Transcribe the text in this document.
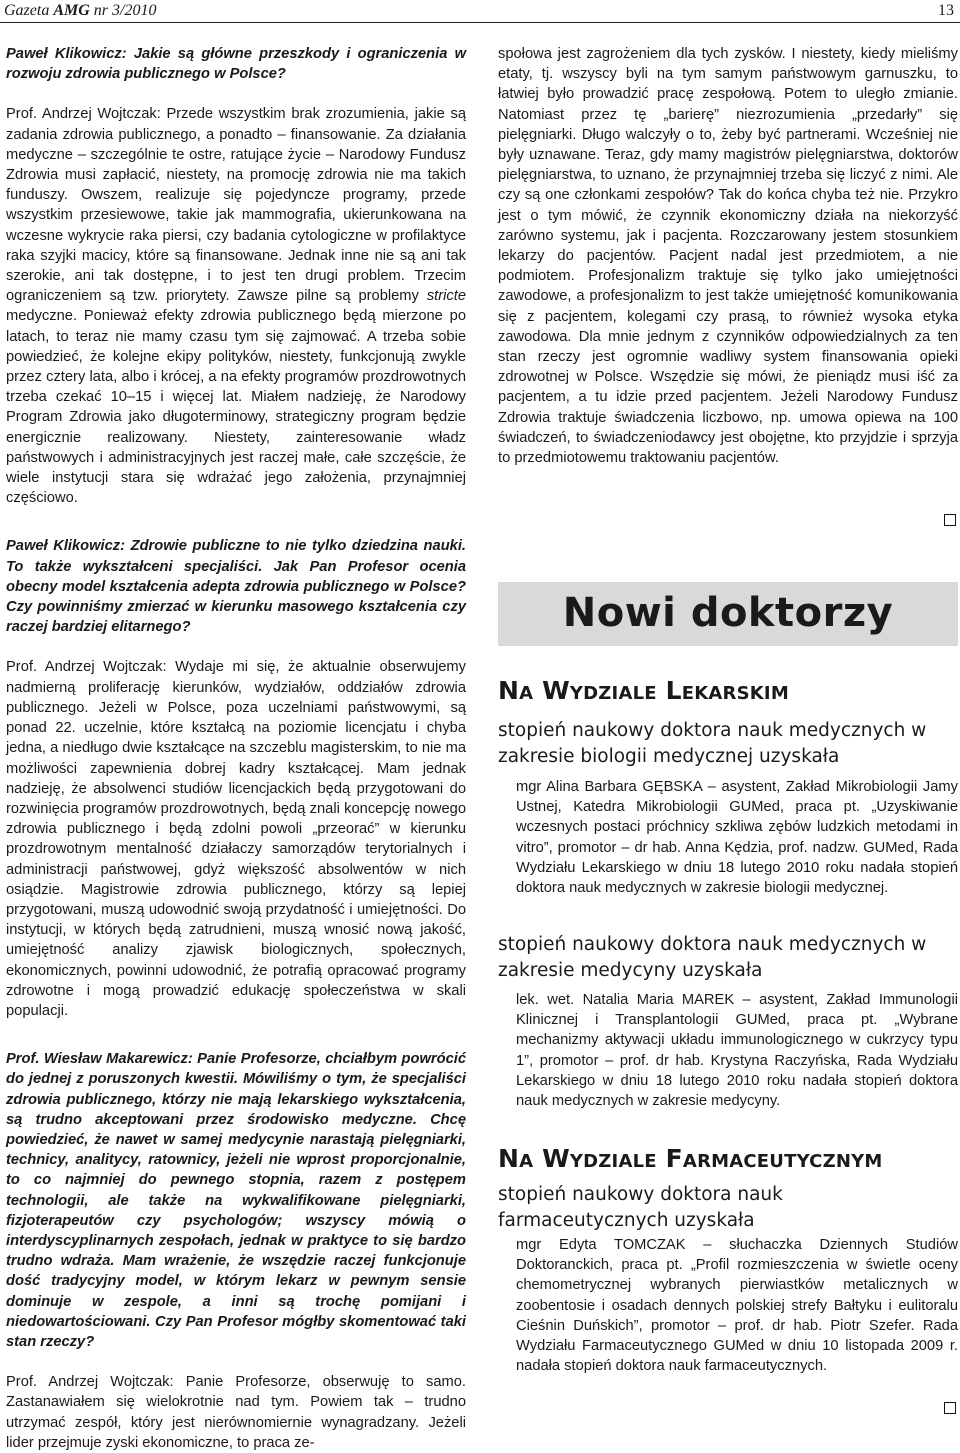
Gazeta AMG nr 3/2010	13

Paweł Klikowicz: Jakie są główne przeszkody i ograniczenia w rozwoju zdrowia publicznego w Polsce?

Prof. Andrzej Wojtczak: Przede wszystkim brak zrozumienia, jakie są zadania zdrowia publicznego, a ponadto – finansowanie. Za działania medyczne – szczególnie te ostre, ratujące życie – Narodowy Fundusz Zdrowia musi zapłacić, niestety, na promocję zdrowia nie ma takich funduszy. Owszem, realizuje się pojedyncze programy, przede wszystkim przesiewowe, takie jak mammografia, ukierunkowana na wczesne wykrycie raka piersi, czy badania cytologiczne w profilaktyce raka szyjki macicy, które są finansowane. Jednak inne nie są ani tak szerokie, ani tak dostępne, i to jest ten drugi problem. Trzecim ograniczeniem są tzw. priorytety. Zawsze pilne są problemy stricte medyczne. Ponieważ efekty zdrowia publicznego będą mierzone po latach, to teraz nie mamy czasu tym się zajmować. A trzeba sobie powiedzieć, że kolejne ekipy polityków, niestety, funkcjonują zwykle przez cztery lata, albo i krócej, a na efekty programów prozdrowotnych trzeba czekać 10–15 i więcej lat. Miałem nadzieję, że Narodowy Program Zdrowia jako długoterminowy, strategiczny program będzie energicznie realizowany. Niestety, zainteresowanie władz państwowych i administracyjnych jest raczej małe, całe szczęście, że wiele instytucji stara się wdrażać jego założenia, przynajmniej częściowo.

Paweł Klikowicz: Zdrowie publiczne to nie tylko dziedzina nauki. To także wykształceni specjaliści. Jak Pan Profesor ocenia obecny model kształcenia adepta zdrowia publicznego w Polsce? Czy powinniśmy zmierzać w kierunku masowego kształcenia czy raczej bardziej elitarnego?

Prof. Andrzej Wojtczak: Wydaje mi się, że aktualnie obserwujemy nadmierną proliferację kierunków, wydziałów, oddziałów zdrowia publicznego. Jeżeli w Polsce, poza uczelniami państwowymi, są ponad 22. uczelnie, które kształcą na poziomie licencjatu i chyba jedna, a niedługo dwie kształcące na szczeblu magisterskim, to nie ma możliwości zapewnienia dobrej kadry kształcącej. Mam jednak nadzieję, że absolwenci studiów licencjackich będą przygotowani do rozwinięcia programów prozdrowotnych, będą znali koncepcję nowego zdrowia publicznego i będą zdolni powoli „przeorać” w kierunku prozdrowotnym mentalność działaczy samorządów terytorialnych i administracji państwowej, gdyż większość absolwentów w nich osiądzie. Magistrowie zdrowia publicznego, którzy są lepiej przygotowani, muszą udowodnić swoją przydatność i umiejętności. Do instytucji, w których będą zatrudnieni, muszą wnosić nową jakość, umiejętność analizy zjawisk biologicznych, społecznych, ekonomicznych, powinni udowodnić, że potrafią opracować programy zdrowotne i mogą prowadzić edukację społeczeństwa w skali populacji.

Prof. Wiesław Makarewicz: Panie Profesorze, chciałbym powrócić do jednej z poruszonych kwestii. Mówiliśmy o tym, że specjaliści zdrowia publicznego, którzy nie mają lekarskiego wykształcenia, są trudno akceptowani przez środowisko medyczne. Chcę powiedzieć, że nawet w samej medycynie narastają pielęgniarki, technicy, analitycy, ratownicy, jeżeli nie wprost proporcjonalnie, to co najmniej do pewnego stopnia, razem z postępem technologii, ale także na wykwalifikowane pielęgniarki, fizjoterapeutów czy psychologów; wszyscy mówią o interdyscyplinarnych zespołach, jednak w praktyce to się bardzo trudno wdraża. Mam wrażenie, że wszędzie raczej funkcjonuje dość tradycyjny model, w którym lekarz w pewnym sensie dominuje w zespole, a inni są trochę pomijani i niedowartościowani. Czy Pan Profesor mógłby skomentować taki stan rzeczy?

Prof. Andrzej Wojtczak: Panie Profesorze, obserwuję to samo. Zastanawiałem się wielokrotnie nad tym. Powiem tak – trudno utrzymać zespół, który jest nierównomiernie wynagradzany. Jeżeli lider przejmuje zyski ekonomiczne, to praca ze-

społowa jest zagrożeniem dla tych zysków. I niestety, kiedy mieliśmy etaty, tj. wszyscy byli na tym samym państwowym garnuszku, to łatwiej było prowadzić pracę zespołową. Potem to uległo zmianie. Natomiast przez tę „barierę” niezrozumienia „przedarły” się pielęgniarki. Długo walczyły o to, żeby być partnerami. Wcześniej nie były uznawane. Teraz, gdy mamy magistrów pielęgniarstwa, doktorów pielęgniarstwa, to uznano, że przynajmniej trzeba się liczyć z nimi. Ale czy są one członkami zespołów? Tak do końca chyba też nie. Przykro jest o tym mówić, że czynnik ekonomiczny działa na niekorzyść zarówno systemu, jak i pacjenta. Rozczarowany jestem stosunkiem lekarzy do pacjentów. Pacjent nadal jest przedmiotem, a nie podmiotem. Profesjonalizm traktuje się tylko jako umiejętności zawodowe, a profesjonalizm to jest także umiejętność komunikowania się z pacjentem, kolegami czy prasą, to również wysoka etyka zawodowa. Dla mnie jednym z czynników odpowiedzialnych za ten stan rzeczy jest ogromnie wadliwy system finansowania opieki zdrowotnej w Polsce. Wszędzie się mówi, że pieniądz musi iść za pacjentem, a tu idzie przed pacjentem. Jeżeli Narodowy Fundusz Zdrowia traktuje świadczenia liczbowo, np. umowa opiewa na 100 świadczeń, to świadczeniodawcy jest obojętne, kto przyjdzie i sprzyja to przedmiotowemu traktowaniu pacjentów.

Nowi doktorzy
Na Wydziale Lekarskim
stopień naukowy doktora nauk medycznych w zakresie biologii medycznej uzyskała

mgr Alina Barbara GĘBSKA – asystent, Zakład Mikrobiologii Jamy Ustnej, Katedra Mikrobiologii GUMed, praca pt. „Uzyskiwanie wczesnych postaci próchnicy szkliwa zębów ludzkich metodami in vitro”, promotor – dr hab. Anna Kędzia, prof. nadzw. GUMed, Rada Wydziału Lekarskiego w dniu 18 lutego 2010 roku nadała stopień doktora nauk medycznych w zakresie biologii medycznej.

stopień naukowy doktora nauk medycznych w zakresie medycyny uzyskała

lek. wet. Natalia Maria MAREK – asystent, Zakład Immunologii Klinicznej i Transplantologii GUMed, praca pt. „Wybrane mechanizmy aktywacji układu immunologicznego w cukrzycy typu 1”, promotor – prof. dr hab. Krystyna Raczyńska, Rada Wydziału Lekarskiego w dniu 18 lutego 2010 roku nadała stopień doktora nauk medycznych w zakresie medycyny.

Na Wydziale Farmaceutycznym
stopień naukowy doktora nauk farmaceutycznych uzyskała

mgr Edyta TOMCZAK – słuchaczka Dziennych Studiów Doktoranckich, praca pt. „Profil rozmieszczenia w świetle oceny chemometrycznej wybranych pierwiastków metalicznych w zoobentosie i osadach dennych polskiej strefy Bałtyku i eulitoralu Cieśnin Duńskich”, promotor – prof. dr hab. Piotr Szefer. Rada Wydziału Farmaceutycznego GUMed w dniu 10 listopada 2009 r. nadała stopień doktora nauk farmaceutycznych.
